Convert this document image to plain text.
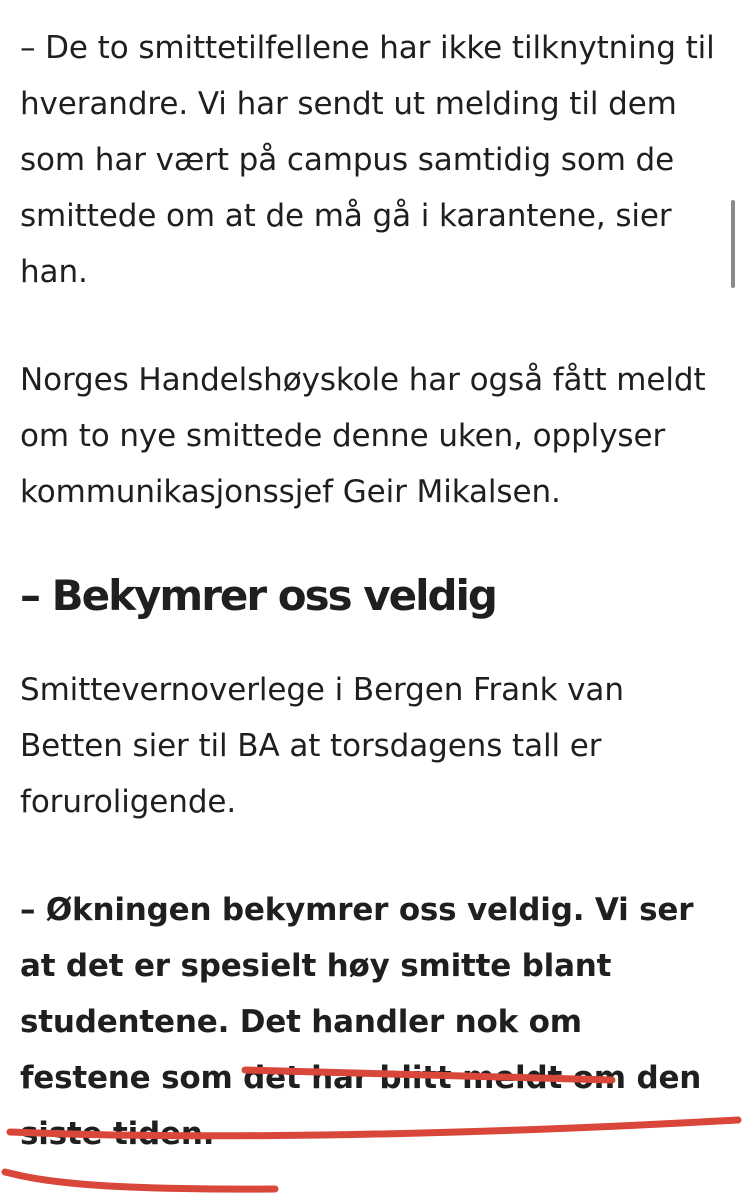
– De to smittetilfellene har ikke tilknytning til hverandre. Vi har sendt ut melding til dem som har vært på campus samtidig som de smittede om at de må gå i karantene, sier han.

Norges Handelshøyskole har også fått meldt om to nye smittede denne uken, opplyser kommunikasjonssjef Geir Mikalsen.

– Bekymrer oss veldig

Smittevernoverlege i Bergen Frank van Betten sier til BA at torsdagens tall er foruroligende.

– Økningen bekymrer oss veldig. Vi ser at det er spesielt høy smitte blant studentene. Det handler nok om festene som det har blitt meldt om den siste tiden.
